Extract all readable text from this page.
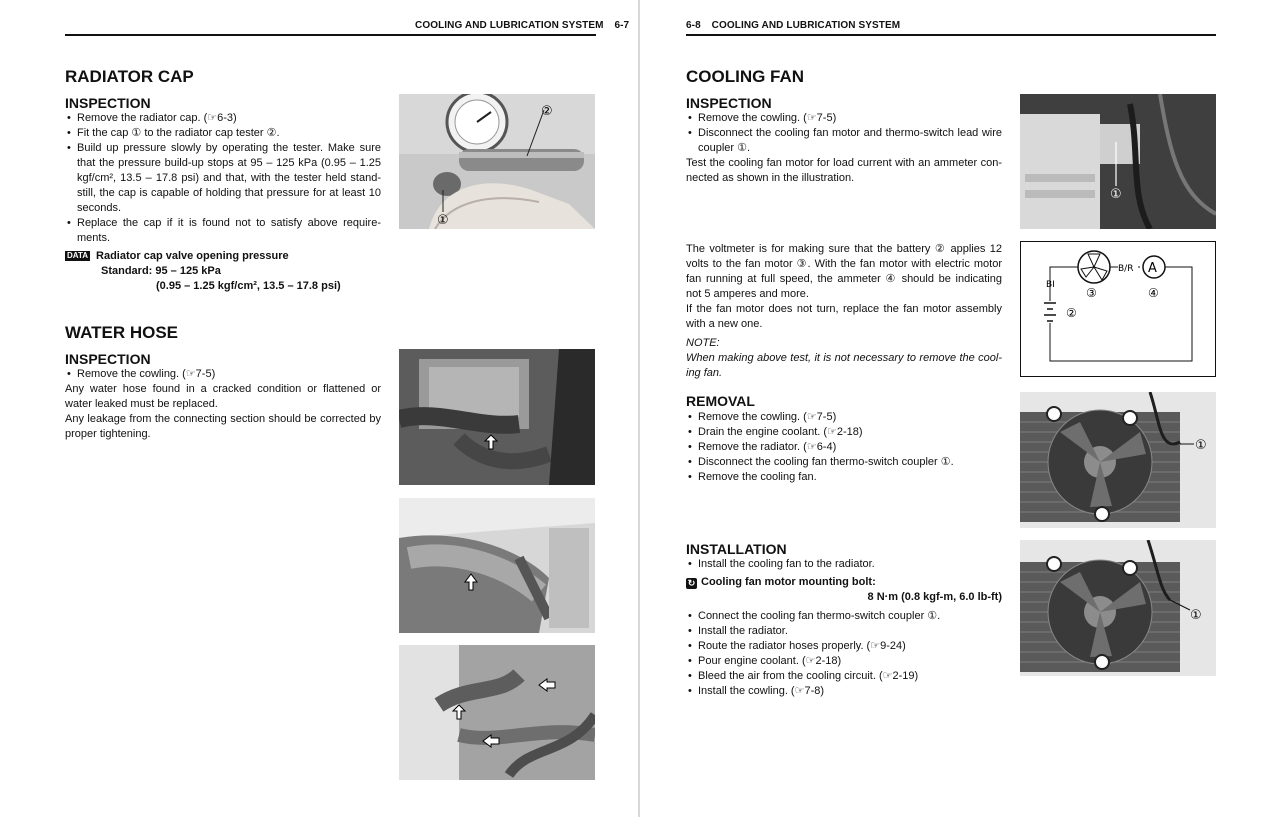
COOLING AND LUBRICATION SYSTEM 6-7
RADIATOR CAP
INSPECTION
• Remove the radiator cap. (☞6-3)
• Fit the cap ① to the radiator cap tester ②.
• Build up pressure slowly by operating the tester. Make sure that the pressure build-up stops at 95 – 125 kPa (0.95 – 1.25 kgf/cm², 13.5 – 17.8 psi) and that, with the tester held stand-still, the cap is capable of holding that pressure for at least 10 seconds.
• Replace the cap if it is found not to satisfy above require-ments.

DATA Radiator cap valve opening pressure

Standard: 95 – 125 kPa

(0.95 – 1.25 kgf/cm², 13.5 – 17.8 psi)

②
①
WATER HOSE
INSPECTION
• Remove the cowling. (☞7-5)

Any water hose found in a cracked condition or flattened or water leaked must be replaced.

Any leakage from the connecting section should be corrected by proper tightening.

6-8 COOLING AND LUBRICATION SYSTEM
COOLING FAN
INSPECTION
• Remove the cowling. (☞7-5)
• Disconnect the cooling fan motor and thermo-switch lead wire coupler ①.

Test the cooling fan motor for load current with an ammeter con-nected as shown in the illustration.

①

The voltmeter is for making sure that the battery ② applies 12 volts to the fan motor ③. With the fan motor with electric motor fan running at full speed, the ammeter ④ should be indicating not 5 amperes and more.

If the fan motor does not turn, replace the fan motor assembly with a new one.

NOTE:

When making above test, it is not necessary to remove the cool-ing fan.

A
B/R
BI
②
③	④
REMOVAL
• Remove the cowling. (☞7-5)
• Drain the engine coolant. (☞2-18)
• Remove the radiator. (☞6-4)
• Disconnect the cooling fan thermo-switch coupler ①.
• Remove the cooling fan.
①
INSTALLATION
• Install the cooling fan to the radiator.

↻ Cooling fan motor mounting bolt:

8 N·m (0.8 kgf-m, 6.0 lb-ft)

• Connect the cooling fan thermo-switch coupler ①.
• Install the radiator.
• Route the radiator hoses properly. (☞9-24)
• Pour engine coolant. (☞2-18)
• Bleed the air from the cooling circuit. (☞2-19)
• Install the cowling. (☞7-8)
①
